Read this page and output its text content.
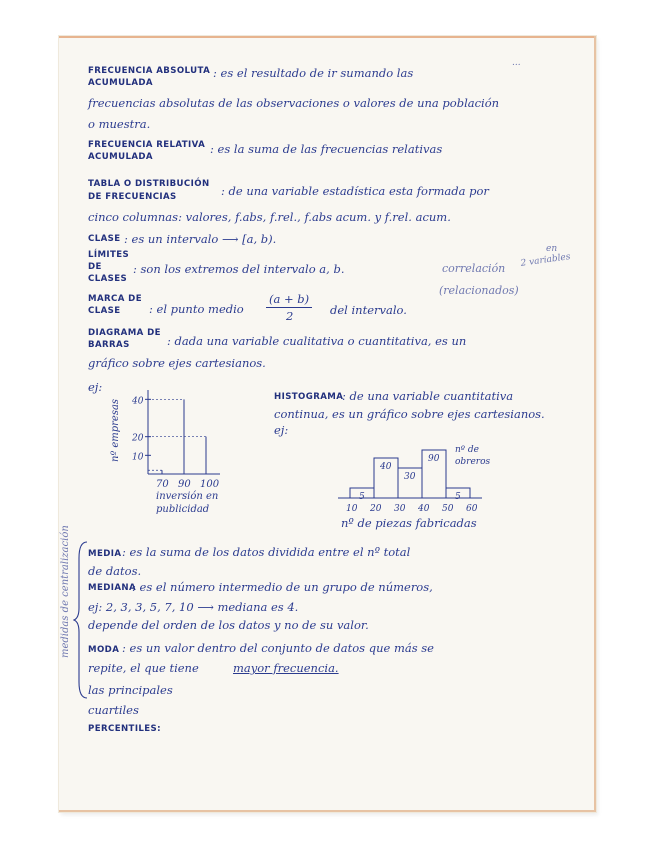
...
FRECUENCIA ABSOLUTA
ACUMULADA
: es el resultado de ir sumando las
frecuencias absolutas de las observaciones o valores de una población
o muestra.
FRECUENCIA RELATIVA
ACUMULADA
: es la suma de las frecuencias relativas
TABLA O DISTRIBUCIÓN
DE FRECUENCIAS	: de una variable estadística esta formada por
cinco columnas: valores, f.abs, f.rel., f.abs acum. y f.rel. acum.
CLASE : es un intervalo ⟶ [a, b).
LÍMITES
DE
CLASES
: son los extremos del intervalo a, b.	correlación
(relacionados)
en
2 variables
MARCA DE
CLASE : el punto medio
(a + b)
2	del intervalo.
DIAGRAMA DE
BARRAS	: dada una variable cualitativa o cuantitativa, es un
gráfico sobre ejes cartesianos.
ej:
70 90 100
10
20
40
nº empresas
inversión en
publicidad
HISTOGRAMA
: de una variable cuantitativa
continua, es un gráfico sobre ejes cartesianos.
ej:
nº de
obreros
5
40
30
90
5
10 20 30 40 50 60
nº de piezas fabricadas
medidas de centralización MEDIA : es la suma de los datos dividida entre el nº total
de datos.
MEDIANA
: es el número intermedio de un grupo de números,
ej: 2, 3, 3, 5, 7, 10 ⟶ mediana es 4.
depende del orden de los datos y no de su valor.
MODA : es un valor dentro del conjunto de datos que más se
repite, el que tiene	mayor frecuencia.
las principales
cuartiles
PERCENTILES:
